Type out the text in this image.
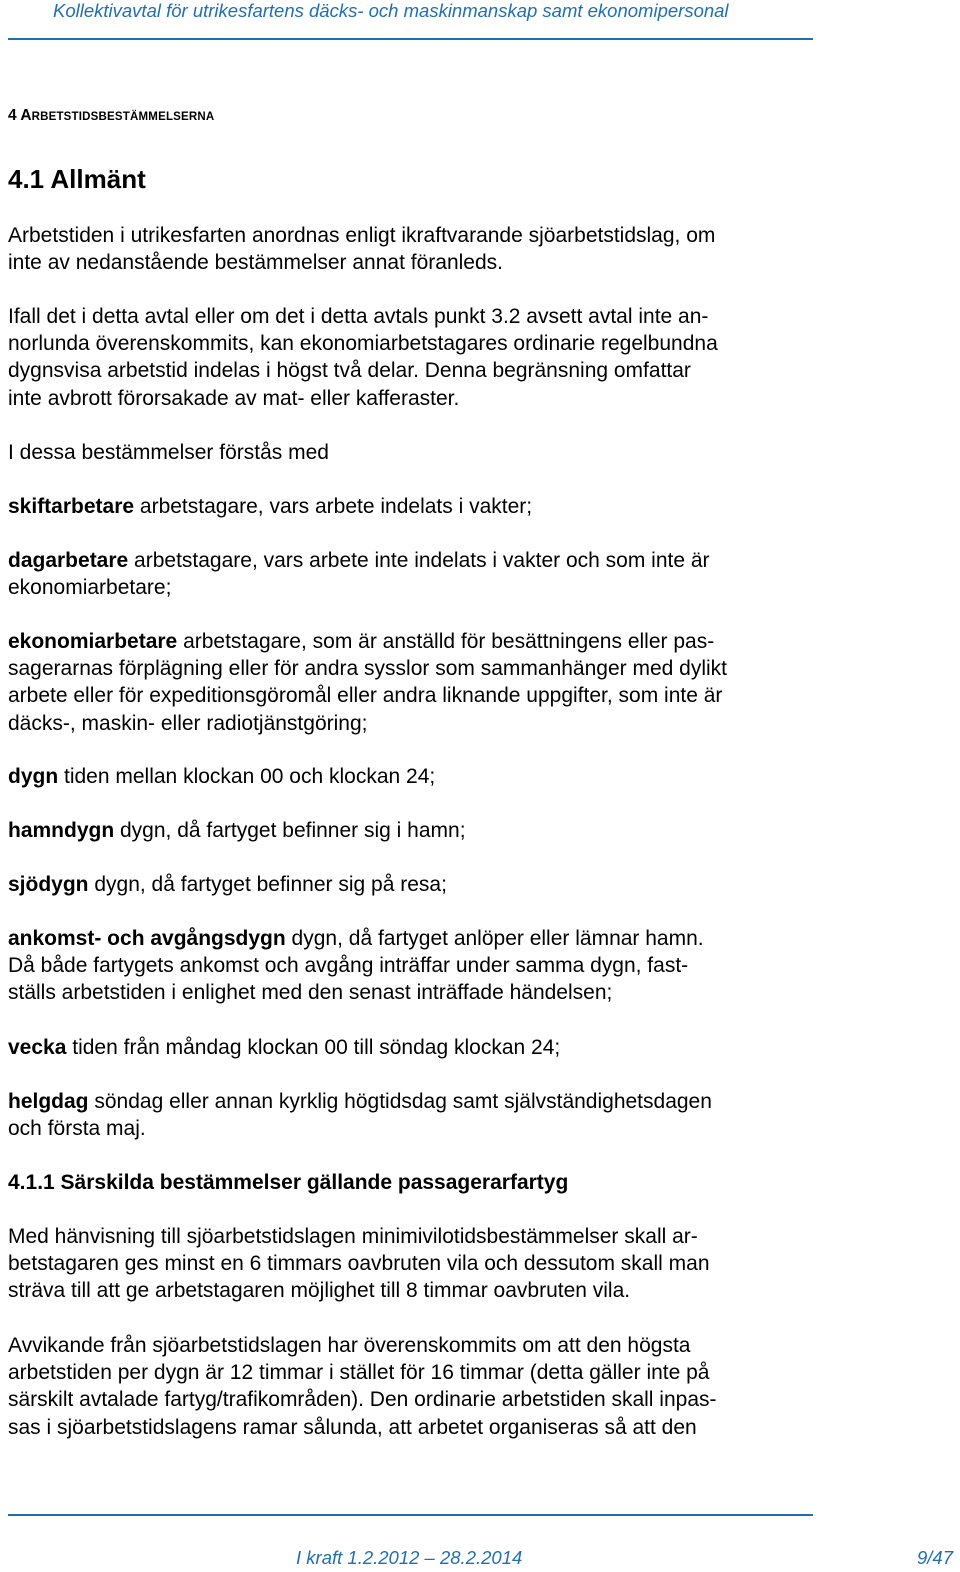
Kollektivavtal för utrikesfartens däcks- och maskinmanskap samt ekonomipersonal
4 ARBETSTIDSBESTÄMMELSERNA
4.1 Allmänt
Arbetstiden i utrikesfarten anordnas enligt ikraftvarande sjöarbetstidslag, om
inte av nedanstående bestämmelser annat föranleds.
Ifall det i detta avtal eller om det i detta avtals punkt 3.2 avsett avtal inte an-
norlunda överenskommits, kan ekonomiarbetstagares ordinarie regelbundna
dygnsvisa arbetstid indelas i högst två delar. Denna begränsning omfattar
inte avbrott förorsakade av mat- eller kafferaster.
I dessa bestämmelser förstås med
skiftarbetare arbetstagare, vars arbete indelats i vakter;
dagarbetare arbetstagare, vars arbete inte indelats i vakter och som inte är
ekonomiarbetare;
ekonomiarbetare arbetstagare, som är anställd för besättningens eller pas-
sagerarnas förplägning eller för andra sysslor som sammanhänger med dylikt
arbete eller för expeditionsgöromål eller andra liknande uppgifter, som inte är
däcks-, maskin- eller radiotjänstgöring;
dygn tiden mellan klockan 00 och klockan 24;
hamndygn dygn, då fartyget befinner sig i hamn;
sjödygn dygn, då fartyget befinner sig på resa;
ankomst- och avgångsdygn dygn, då fartyget anlöper eller lämnar hamn.
Då både fartygets ankomst och avgång inträffar under samma dygn, fast-
ställs arbetstiden i enlighet med den senast inträffade händelsen;
vecka tiden från måndag klockan 00 till söndag klockan 24;
helgdag söndag eller annan kyrklig högtidsdag samt självständighetsdagen
och första maj.
4.1.1 Särskilda bestämmelser gällande passagerarfartyg
Med hänvisning till sjöarbetstidslagen minimivilotidsbestämmelser skall ar-
betstagaren ges minst en 6 timmars oavbruten vila och dessutom skall man
sträva till att ge arbetstagaren möjlighet till 8 timmar oavbruten vila.
Avvikande från sjöarbetstidslagen har överenskommits om att den högsta
arbetstiden per dygn är 12 timmar i stället för 16 timmar (detta gäller inte på
särskilt avtalade fartyg/trafikområden). Den ordinarie arbetstiden skall inpas-
sas i sjöarbetstidslagens ramar sålunda, att arbetet organiseras så att den
I kraft 1.2.2012 – 28.2.2014	9/47
